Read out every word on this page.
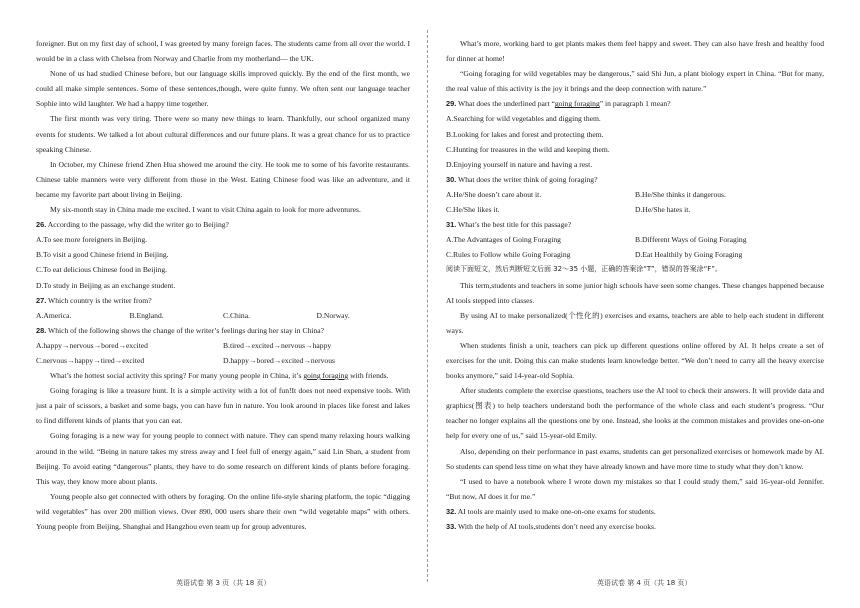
foreigner. But on my first day of school, I was greeted by many foreign faces. The students came from all over the world. I would be in a class with Chelsea from Norway and Charlie from my motherland— the UK.

None of us had studied Chinese before, but our language skills improved quickly. By the end of the first month, we could all make simple sentences. Some of these sentences,though, were quite funny. We often sent our language teacher Sophie into wild laughter. We had a happy time together.

The first month was very tiring. There were so many new things to learn. Thankfully, our school organized many events for students. We talked a lot about cultural differences and our future plans. It was a great chance for us to practice speaking Chinese.

In October, my Chinese friend Zhen Hua showed me around the city. He took me to some of his favorite restaurants. Chinese table manners were very different from those in the West. Eating Chinese food was like an adventure, and it became my favorite part about living in Beijing.

My six-month stay in China made me excited. I want to visit China again to look for more adventures.

26. According to the passage, why did the writer go to Beijing?

A.To see more foreigners in Beijing.

B.To visit a good Chinese friend in Beijing.

C.To eat delicious Chinese food in Beijing.

D.To study in Beijing as an exchange student.

27. Which country is the writer from?

A.America.	B.England.	C.China.	D.Norway.

28. Which of the following shows the change of the writer’s feelings during her stay in China?

A.happy→nervous→bored→excited	B.tired→excited→nervous→happy
C.nervous→happy→tired→excited	D.happy→bored→excited→nervous

What’s the hottest social activity this spring? For many young people in China, it’s going foraging with friends.

Going foraging is like a treasure hunt. It is a simple activity with a lot of fun!It does not need expensive tools. With just a pair of scissors, a basket and some bags, you can have fun in nature. You look around in places like forest and lakes to find different kinds of plants that you can eat.

Going foraging is a new way for young people to connect with nature. They can spend many relaxing hours walking around in the wild. “Being in nature takes my stress away and I feel full of energy again,” said Lin Shan, a student from Beijing. To avoid eating “dangerous” plants, they have to do some research on different kinds of plants before foraging. This way, they know more about plants.

Young people also get connected with others by foraging. On the online life-style sharing platform, the topic “digging wild vegetables” has over 200 million views. Over 890, 000 users share their own “wild vegetable maps” with others. Young people from Beijing, Shanghai and Hangzhou even team up for group adventures.

What’s more, working hard to get plants makes them feel happy and sweet. They can also have fresh and healthy food for dinner at home!

“Going foraging for wild vegetables may be dangerous,” said Shi Jun, a plant biology expert in China. “But for many, the real value of this activity is the joy it brings and the deep connection with nature.”

29. What does the underlined part “going foraging” in paragraph 1 mean?

A.Searching for wild vegetables and digging them.

B.Looking for lakes and forest and protecting them.

C.Hunting for treasures in the wild and keeping them.

D.Enjoying yourself in nature and having a rest.

30. What does the writer think of going foraging?

A.He/She doesn’t care about it.	B.He/She thinks it dangerous.
C.He/She likes it.	D.He/She hates it.

31. What’s the best title for this passage?

A.The Advantages of Going Foraging	B.Different Ways of Going Foraging
C.Rules to Follow while Going Foraging	D.Eat Healthily by Going Foraging

阅读下面短文，然后判断短文后面 32～35 小题，正确的答案涂“T”，错误的答案涂“F”。

This term,students and teachers in some junior high schools have seen some changes. These changes happened because AI tools stepped into classes.

By using AI to make personalized(个性化的) exercises and exams, teachers are able to help each student in different ways.

When students finish a unit, teachers can pick up different questions online offered by AI. It helps create a set of exercises for the unit. Doing this can make students learn knowledge better. “We don’t need to carry all the heavy exercise books anymore,” said 14-year-old Sophia.

After students complete the exercise questions, teachers use the AI tool to check their answers. It will provide data and graphics(图表) to help teachers understand both the performance of the whole class and each student’s progress. “Our teacher no longer explains all the questions one by one. Instead, she looks at the common mistakes and provides one-on-one help for every one of us,” said 15-year-old Emily.

Also, depending on their performance in past exams, students can get personalized exercises or homework made by AI. So students can spend less time on what they have already known and have more time to study what they don’t know.

“I used to have a notebook where I wrote down my mistakes so that I could study them,” said 16-year-old Jennifer. “But now, AI does it for me.”

32. AI tools are mainly used to make one-on-one exams for students.

33. With the help of AI tools,students don’t need any exercise books.

英语试卷 第 3 页（共 18 页）	英语试卷 第 4 页（共 18 页）
